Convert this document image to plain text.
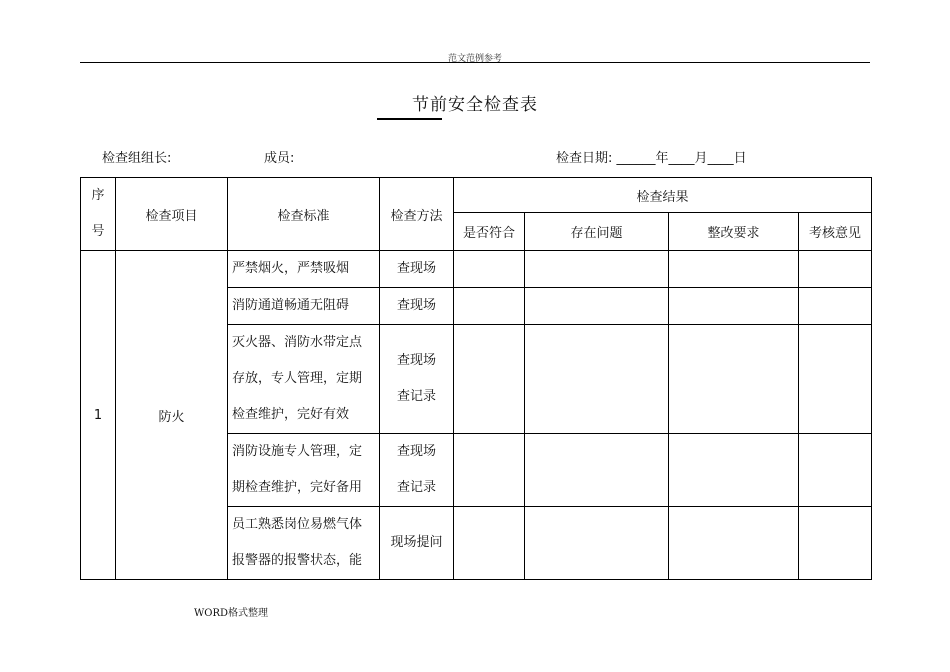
范文范例参考
节前安全检查表
检查组组长:	成员:	检查日期: ______年____月____日
序
号	检查项目	检查标准	检查方法	检查结果			
				是否符合	存在问题	整改要求	考核意见
1	防火	严禁烟火，严禁吸烟	查现场				

		消防通道畅通无阻碍	查现场				

		灭火器、消防水带定点
存放，专人管理，定期
检查维护，完好有效	查现场
查记录				

		消防设施专人管理，定
期检查维护，完好备用	查现场
查记录				

		员工熟悉岗位易燃气体
报警器的报警状态，能	现场提问				

WORD格式整理
